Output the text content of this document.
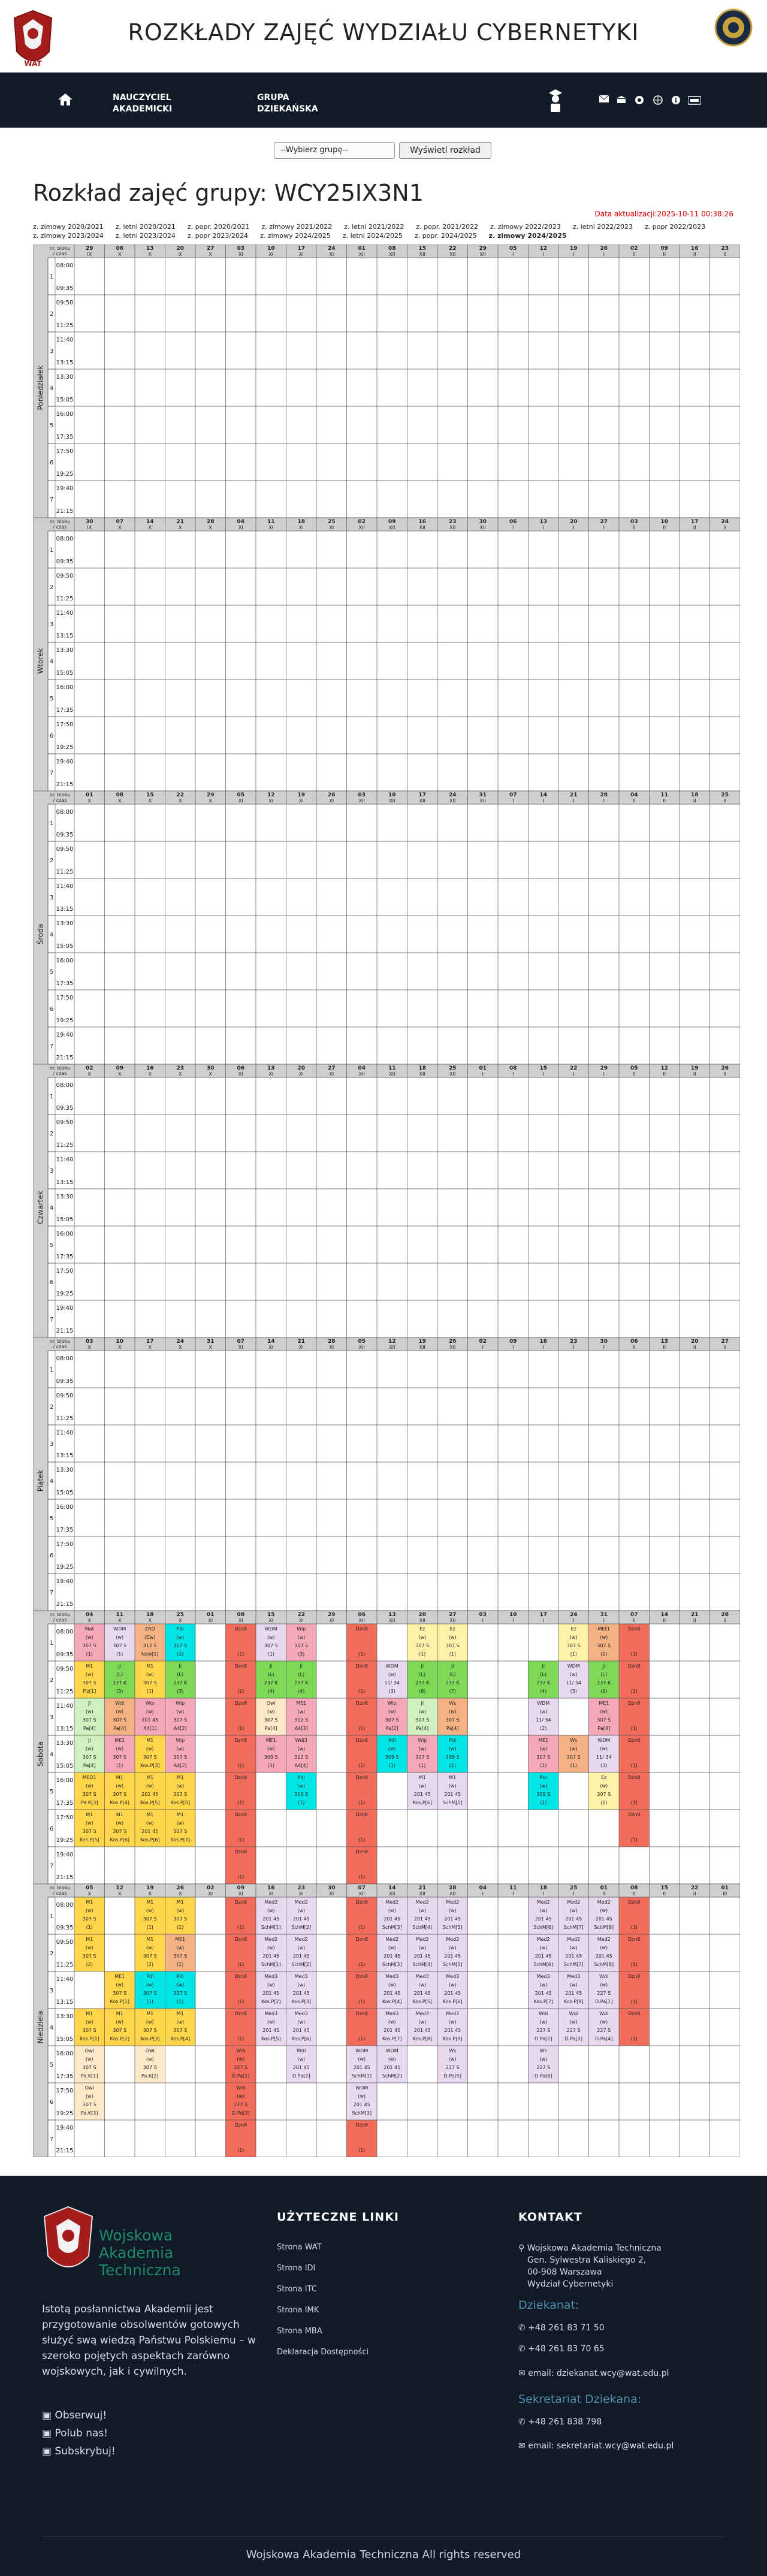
WAT
ROZKŁADY ZAJĘĆ WYDZIAŁU CYBERNETYKI
NAUCZYCIEL AKADEMICKI
GRUPA DZIEKAŃSKA
--Wybierz grupę--	Wyświetl rozkład
Rozkład zajęć grupy: WCY25IX3N1
Data aktualizacji:2025-10-11 00:38:26
z. zimowy 2020/2021 z. letni 2020/2021 z. popr. 2020/2021 z. zimowy 2021/2022 z. letni 2021/2022 z. popr. 2021/2022 z. zimowy 2022/2023 z. letni 2022/2023 z. popr 2022/2023z. zimowy 2023/2024 z. letni 2023/2024 z. popr 2023/2024 z. zimowy 2024/2025 z. letni 2024/2025 z. popr. 2024/2025 z. zimowy 2024/2025
nr. bloku
/ czas
29
IX
06
X
13
X
20
X
27
X
03
XI
10
XI
17
XI
24
XI
01
XII
08
XII
15
XII
22
XII
29
XII
05
I
12
I
19
I
26
I
02
II
09
II
16
II
23
II
Poniedziałek
1
08:00
09:35
2
09:50
11:25
3
11:40
13:15
4
13:30
15:05
5
16:00
17:35
6
17:50
19:25
7
19:40
21:15
nr. bloku
/ czas
30
IX
07
X
14
X
21
X
28
X
04
XI
11
XI
18
XI
25
XI
02
XII
09
XII
16
XII
23
XII
30
XII
06
I
13
I
20
I
27
I
03
II
10
II
17
II
24
II
Wtorek
1
08:00
09:35
2
09:50
11:25
3
11:40
13:15
4
13:30
15:05
5
16:00
17:35
6
17:50
19:25
7
19:40
21:15
nr. bloku
/ czas
01
X
08
X
15
X
22
X
29
X
05
XI
12
XI
19
XI
26
XI
03
XII
10
XII
17
XII
24
XII
31
XII
07
I
14
I
21
I
28
I
04
II
11
II
18
II
25
II
Środa
1
08:00
09:35
2
09:50
11:25
3
11:40
13:15
4
13:30
15:05
5
16:00
17:35
6
17:50
19:25
7
19:40
21:15
nr. bloku
/ czas
02
X
09
X
16
X
23
X
30
X
06
XI
13
XI
20
XI
27
XI
04
XII
11
XII
18
XII
25
XII
01
I
08
I
15
I
22
I
29
I
05
II
12
II
19
II
26
II
Czwartek
1
08:00
09:35
2
09:50
11:25
3
11:40
13:15
4
13:30
15:05
5
16:00
17:35
6
17:50
19:25
7
19:40
21:15
nr. bloku
/ czas
03
X
10
X
17
X
24
X
31
X
07
XI
14
XI
21
XI
28
XI
05
XII
12
XII
19
XII
26
XII
02
I
09
I
16
I
23
I
30
I
06
II
13
II
20
II
27
II
Piątek
1
08:00
09:35
2
09:50
11:25
3
11:40
13:15
4
13:30
15:05
5
16:00
17:35
6
17:50
19:25
7
19:40
21:15
nr. bloku
/ czas
04
X
11
X
18
X
25
X
01
XI
08
XI
15
XI
22
XI
29
XI
06
XII
13
XII
20
XII
27
XII
03
I
10
I
17
I
24
I
31
I
07
II
14
II
21
II
28
II
Sobota
1
08:00
09:35
2
09:50
11:25
3
11:40
13:15
4
13:30
15:05
5
16:00
17:35
6
17:50
19:25
7
19:40
21:15
Mat
(w)
307 S
(1)
WDM
(w)
307 S
(1)
ZRD
(Cw)
312 S
Now[1]
Pdi
(w)
307 S
(1)
Dzn8
(1)
WDM
(w)
307 S
(1)
Wip
(w)
307 S
(3)
Dzn8
(1)
Ez
(w)
307 S
(1)
Ez
(w)
307 S
(1)
Ez
(w)
307 S
(1)
MEt1
(w)
307 S
(1)
Dzn8
(1)
M1
(w)
307 S
Fiz[1]
Ji
(L)
237 K
(3)
M1
(w)
307 S
(1)
Ji
(L)
237 K
(3)
Dzn8
(1)
Ji
(L)
237 K
(4)
Ji
(L)
237 K
(4)
Dzn8
(1)
WDM
(w)
11/ 34
(3)
Ji
(L)
237 K
(6)
Ji
(L)
237 K
(7)
Ji
(L)
237 K
(4)
WDM
(w)
11/ 34
(3)
Ji
(L)
237 K
(8)
Dzn8
(1)
Ji
(w)
307 S
Pa[4]
Wdi
(w)
307 S
Pa[4]
Wip
(w)
201 45
A4[1]
Wip
(w)
307 S
A4[2]
Dzn8
(1)
Owl
(w)
307 S
Pa[4]
ME1
(w)
312 S
A4[3]
Dzn8
(1)
Wip
(w)
307 S
Pa[2]
Ji
(w)
307 S
Pa[4]
Ws
(w)
307 S
Pa[4]
WDM
(w)
11/ 34
(2)
ME1
(w)
307 S
Pa[4]
Dzn8
(1)
Ji
(w)
307 S
Pa[4]
ME1
(w)
307 S
(1)
M1
(w)
307 S
Kos.P[3]
Wip
(w)
307 S
A4[2]
Dzn8
(1)
ME1
(w)
309 S
(1)
Wdi3
(w)
312 S
A4[4]
Dzn8
(1)
Pdi
(w)
309 S
(1)
Wip
(w)
307 S
(1)
Pdi
(w)
309 S
(1)
ME1
(w)
307 S
(1)
Ws
(w)
307 S
(1)
WDM
(w)
11/ 34
(3)
Dzn8
(1)
MED1
(w)
307 S
Pa.K[3]
M1
(w)
307 S
Kos.P[4]
M1
(w)
201 45
Kos.P[5]
M1
(w)
307 S
Kos.P[5]
Dzn8
(1)
Pdi
(w)
309 S
(1)
Dzn8
(1)
M1
(w)
201 45
Kos.P[6]
M1
(w)
201 45
SchM[1]
Pdi
(w)
309 S
(1)
Ez
(w)
307 S
(1)
Dzn8
(1)
M1
(w)
307 S
Kos.P[5]
M1
(w)
307 S
Kos.P[6]
M1
(w)
201 45
Kos.P[6]
M1
(w)
307 S
Kos.P[7]
Dzn8
(1)
Dzn8
(1)
Dzn8
(1)
Dzn8
(1)
Dzn8
(1)
nr. bloku
/ czas
05
X
12
X
19
X
26
X
02
XI
09
XI
16
XI
23
XI
30
XI
07
XII
14
XII
21
XII
28
XII
04
I
11
I
18
I
25
I
01
II
08
II
15
II
22
II
01
III
Niedziela
1
08:00
09:35
2
09:50
11:25
3
11:40
13:15
4
13:30
15:05
5
16:00
17:35
6
17:50
19:25
7
19:40
21:15
M1
(w)
307 S
(1)
M1
(w)
307 S
(1)
M1
(w)
307 S
(1)
Dzn8
(1)
Med2
(w)
201 45
SchM[1]
Med2
(w)
201 45
SchM[2]
Dzn8
(1)
Med2
(w)
201 45
SchM[3]
Med2
(w)
201 45
SchM[4]
Med2
(w)
201 45
SchM[5]
Med2
(w)
201 45
SchM[6]
Med2
(w)
201 45
SchM[7]
Med2
(w)
201 45
SchM[8]
Dzn8
(1)
M1
(w)
307 S
(2)
M1
(w)
307 S
(2)
ME1
(w)
307 S
(1)
Dzn8
(1)
Med2
(w)
201 45
SchM[1]
Med2
(w)
201 45
SchM[2]
Dzn8
(1)
Med2
(w)
201 45
SchM[3]
Med2
(w)
201 45
SchM[4]
Med2
(w)
201 45
SchM[5]
Med2
(w)
201 45
SchM[6]
Med2
(w)
201 45
SchM[7]
Med2
(w)
201 45
SchM[8]
Dzn8
(1)
ME1
(w)
307 S
Kos.P[1]
Pdi
(w)
307 S
(1)
Pdi
(w)
307 S
(1)
Dzn8
(1)
Med3
(w)
201 45
Kos.P[2]
Med3
(w)
201 45
Kos.P[3]
Dzn8
(1)
Med3
(w)
201 45
Kos.P[4]
Med3
(w)
201 45
Kos.P[5]
Med3
(w)
201 45
Kos.P[6]
Med3
(w)
201 45
Kos.P[7]
Med3
(w)
201 45
Kos.P[8]
Wdi
(w)
227 S
D.Pa[1]
Dzn8
(1)
M1
(w)
307 S
Kos.P[1]
M1
(w)
307 S
Kos.P[2]
M1
(w)
307 S
Kos.P[3]
M1
(w)
307 S
Kos.P[4]
Dzn8
(1)
Med3
(w)
201 45
Kos.P[5]
Med3
(w)
201 45
Kos.P[6]
Dzn8
(1)
Med3
(w)
201 45
Kos.P[7]
Med3
(w)
201 45
Kos.P[8]
Med3
(w)
201 45
Kos.P[9]
Wdi
(w)
227 S
D.Pa[2]
Wdi
(w)
227 S
D.Pa[3]
Wdi
(w)
227 S
D.Pa[4]
Dzn8
(1)
Owl
(w)
307 S
Pa.K[1]
Owl
(w)
307 S
Pa.K[2]
Wdi
(w)
227 S
D.Pa[1]
Wdi
(w)
201 45
D.Pa[2]
WDM
(w)
201 45
SchM[1]
WDM
(w)
201 45
SchM[2]
Ws
(w)
227 S
D.Pa[5]
Ws
(w)
227 S
D.Pa[6]
Owl
(w)
307 S
Pa.K[3]
Wdi
(w)
227 S
D.Pa[3]
WDM
(w)
201 45
SchM[3]
Dzn8
(1)
Dzn8
(1)
Wojskowa Akademia Techniczna
Istotą posłannictwa Akademii jest przygotowanie obsolwentów gotowych służyć swą wiedzą Państwu Polskiemu – w szeroko pojętych aspektach zarówno wojskowych, jak i cywilnych.
▣ Obserwuj!
▣ Polub nas!
▣ Subskrybuj!
UŻYTECZNE LINKI
Strona WAT
Strona IDI
Strona ITC
Strona IMK
Strona MBA
Deklaracja Dostępności
KONTAKT
⚲ Wojskowa Akademia Techniczna
Gen. Sylwestra Kaliskiego 2,
00-908 Warszawa
Wydział Cybernetyki
Dziekanat:
✆ +48 261 83 71 50
✆ +48 261 83 70 65
✉ email: dziekanat.wcy@wat.edu.pl
Sekretariat Dziekana:
✆ +48 261 838 798
✉ email: sekretariat.wcy@wat.edu.pl
Wojskowa Akademia Techniczna All rights reserved
